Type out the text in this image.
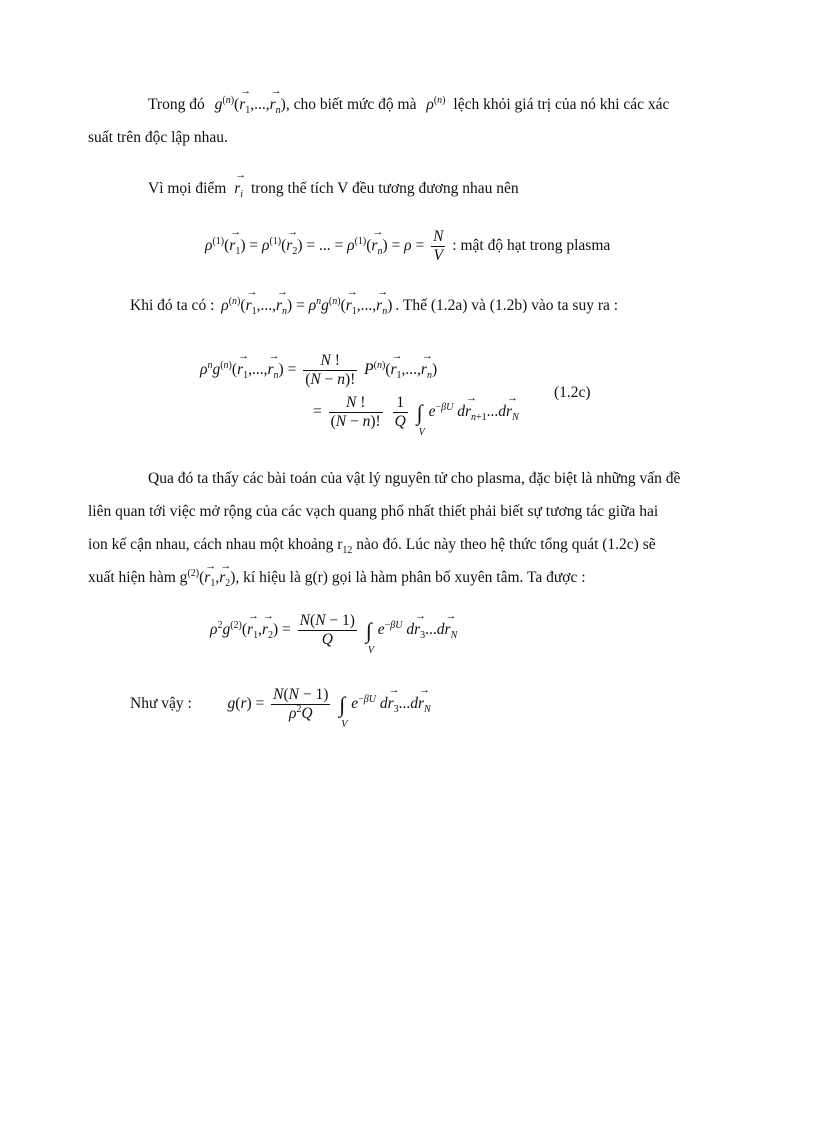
Trong đó $g^{(n)}(\to r_1,...,\to r_n)$, cho biết mức độ mà $\rho^{(n)}$ lệch khỏi giá trị của nó khi các xác
suất trên độc lập nhau.
Vì mọi điểm → $r_i$ trong thể tích V đều tương đương nhau nên
$\rho^{(1)}(\to r_1) = \rho^{(1)}(\to r_2)$ = ... = $\rho^{(1)}(\to r_n) = \rho = \frac{N}{V}$ : mật độ hạt trong plasma
Khi đó ta có : $\rho^{(n)}(\to r_1,...,\to r_n) = \rho^ng^{(n)}(\to r_1,...,\to r_n)$ . Thế (1.2a) và (1.2b) vào ta suy ra :
$\rho^ng^{(n)}(\to r_1,...,\to r_n) = \frac{N !}{(N - n)!} P^{(n)}(\to r_1,...,\to r_n)$
= $\frac{N !}{(N - n)!}$
$\frac{1}{Q}$ ∫
V
$e^{-\beta U}$ $d\to r_{n+1}...d\to r_N$
(1.2c)

Qua đó ta thấy các bài toán của vật lý nguyên tử cho plasma, đặc biệt là những vấn đề

liên quan tới việc mở rộng của các vạch quang phổ nhất thiết phải biết sự tương tác giữa hai

ion kế cận nhau, cách nhau một khoảng $r_{12}$ nào đó. Lúc này theo hệ thức tổng quát (1.2c) sẽ

xuất hiện hàm $g^{(2)}(\to r_1,\to r_2)$, kí hiệu là g(r) gọi là hàm phân bố xuyên tâm. Ta được :

$\rho^2g^{(2)}(\to r_1,\to r_2) = \frac{N(N - 1)}{Q}$ ∫
V
$e^{-\beta U}$ $d\to r_3...d\to r_N$
Như vậy : $g(r) = \frac{N(N - 1)}{\rho^2Q}$ ∫
V
$e^{-\beta U}$ $d\to r_3...d\to r_N$
